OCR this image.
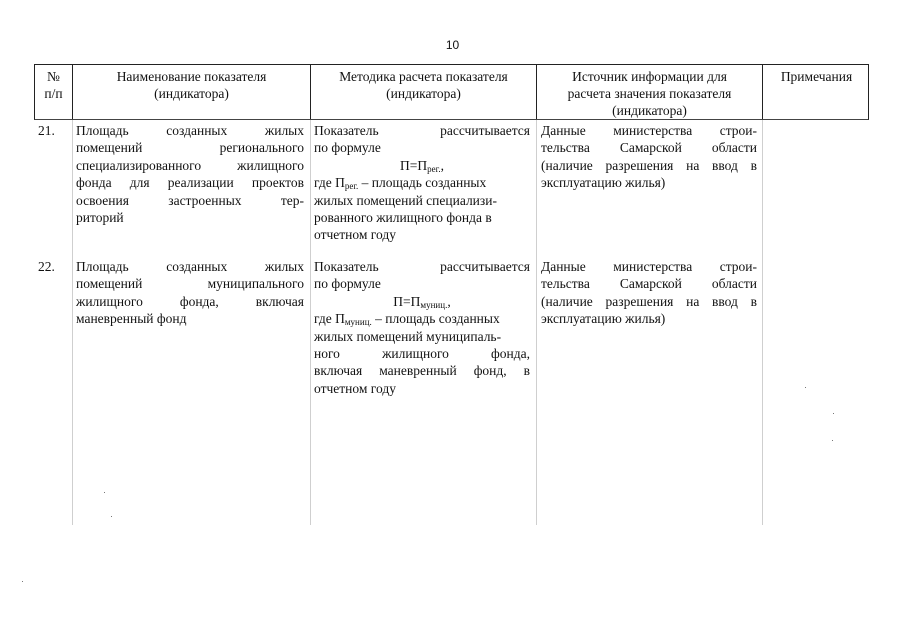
10
№
п/п
Наименование показателя
(индикатора)
Методика расчета показателя
(индикатора)
Источник информации для
расчета значения показателя
(индикатора)
Примечания
21.	Площадь созданных жилых
помещений регионального
специализированного жилищного
фонда для реализации проектов
освоения застроенных тер-
риторий
Показатель рассчитывается
по формуле
$П=П_{рег.}$,
где $П_{рег.}$ – площадь созданных
жилых помещений специализи-
рованного жилищного фонда в
отчетном году
Данные министерства строи-
тельства Самарской области
(наличие разрешения на ввод в
эксплуатацию жилья)
22.	Площадь созданных жилых
помещений муниципального
жилищного фонда, включая
маневренный фонд
Показатель рассчитывается
по формуле
$П=П_{муниц.}$,
где $П_{муниц.}$ – площадь созданных
жилых помещений муниципаль-
ного жилищного фонда,
включая маневренный фонд, в
отчетном году
Данные министерства строи-
тельства Самарской области
(наличие разрешения на ввод в
эксплуатацию жилья)
